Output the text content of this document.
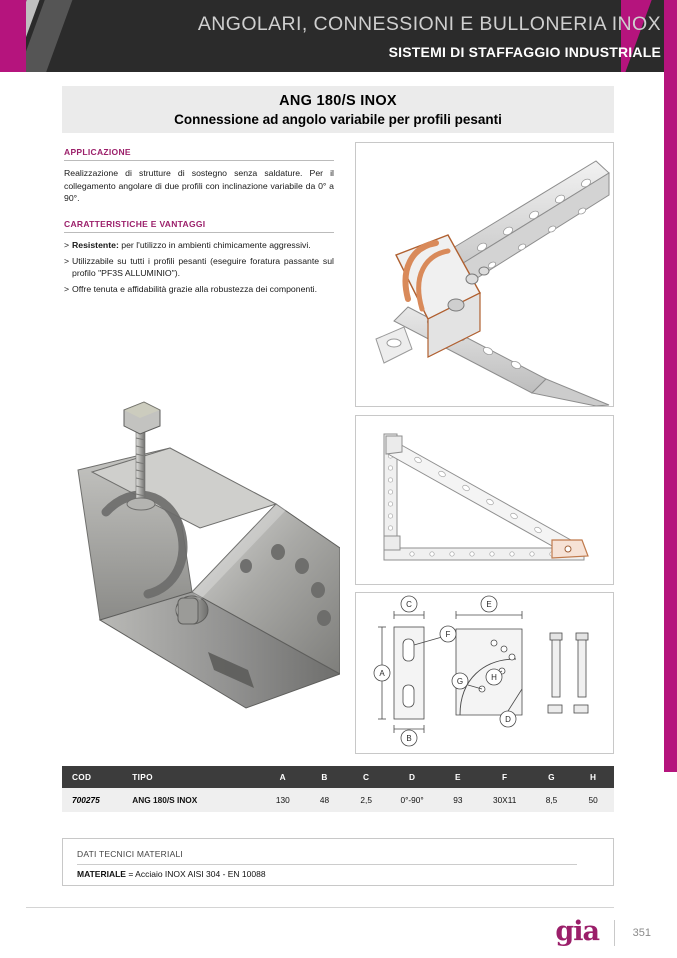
ANGOLARI, CONNESSIONI E BULLONERIA INOX
SISTEMI DI STAFFAGGIO INDUSTRIALE
ANG 180/S INOX
Connessione ad angolo variabile per profili pesanti
APPLICAZIONE
Realizzazione di strutture di sostegno senza saldature. Per il collegamento angolare di due profili con inclinazione variabile da 0° a 90°.
CARATTERISTICHE E VANTAGGI
> Resistente: per l'utilizzo in ambienti chimicamente aggressivi.
> Utilizzabile su tutti i profili pesanti (eseguire foratura passante sul profilo "PF3S ALLUMINIO").
> Offre tenuta e affidabilità grazie alla robustezza dei componenti.
A
B
C
D
E
F
G	H
COD	TIPO	A	B	C	D	E	F	G	H
700275	ANG 180/S INOX	130	48	2,5	0°-90°	93	30X11	8,5	50
DATI TECNICI MATERIALI
MATERIALE = Acciaio INOX AISI 304 - EN 10088
gia	351
